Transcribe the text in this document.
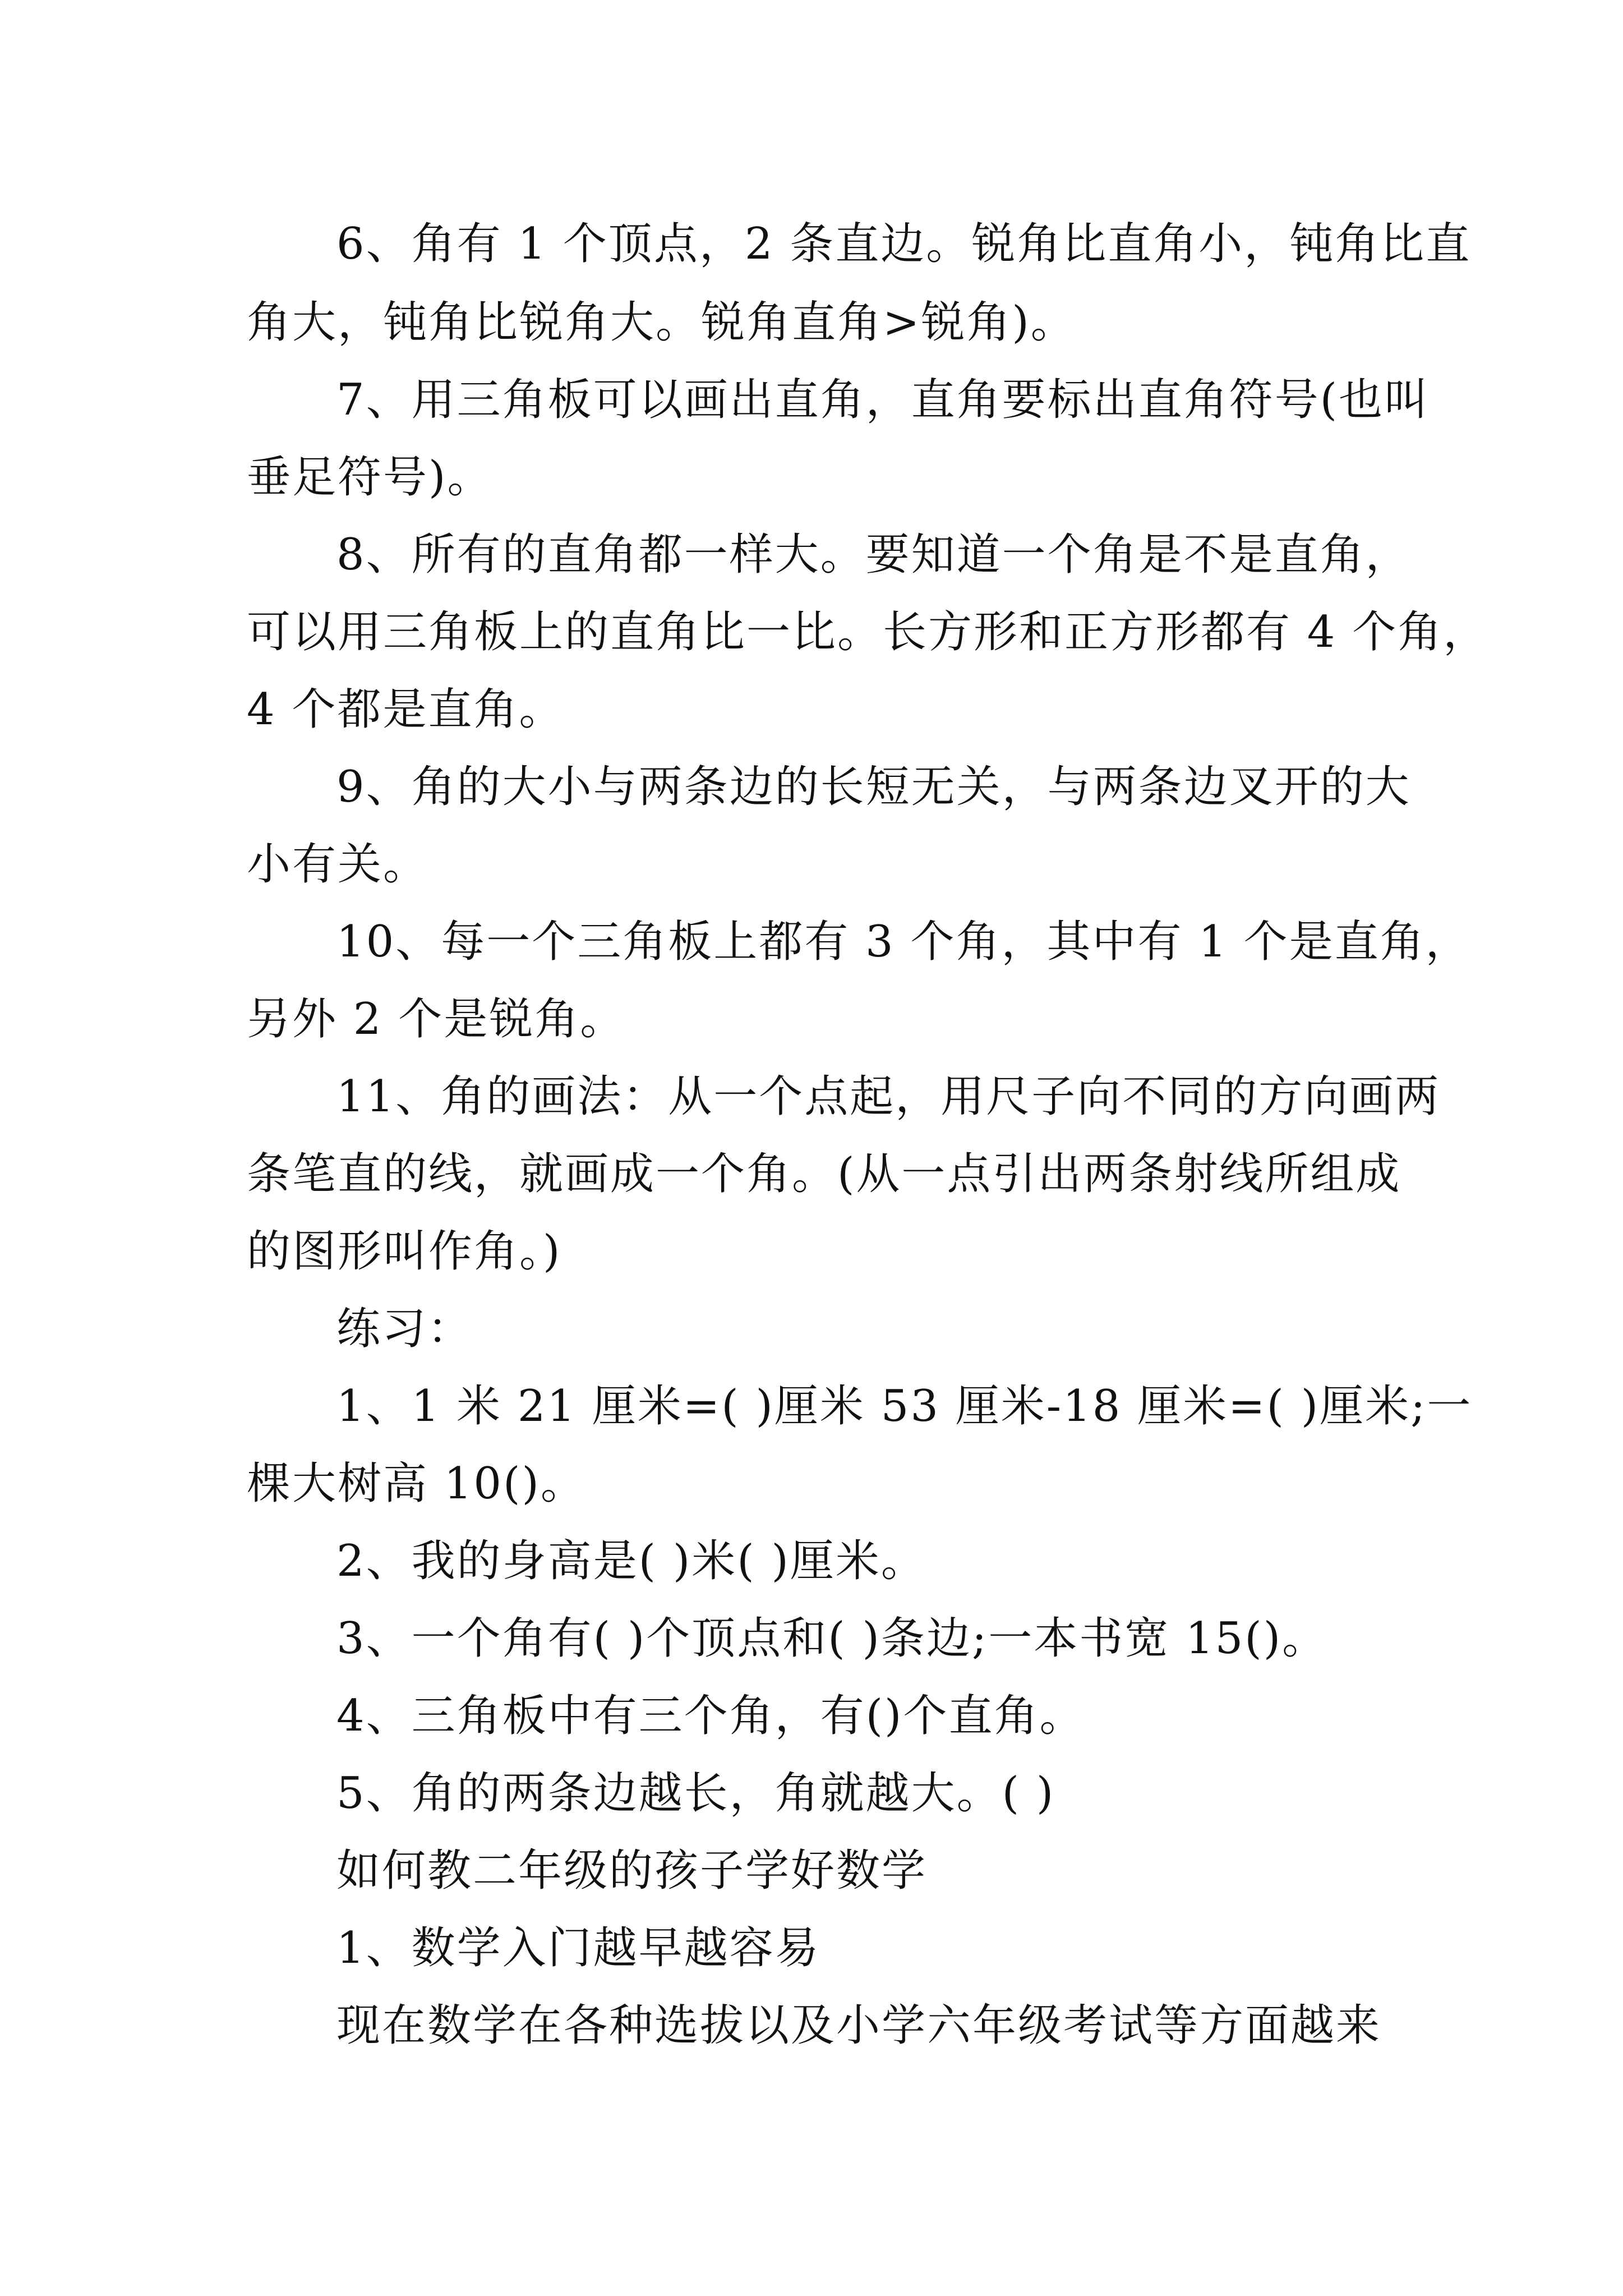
6、角有 1 个顶点，2 条直边。锐角比直角小，钝角比直
角大，钝角比锐角大。锐角直角>锐角)。
7、用三角板可以画出直角，直角要标出直角符号(也叫
垂足符号)。
8、所有的直角都一样大。要知道一个角是不是直角，
可以用三角板上的直角比一比。长方形和正方形都有 4 个角，
4 个都是直角。
9、角的大小与两条边的长短无关，与两条边叉开的大
小有关。
10、每一个三角板上都有 3 个角，其中有 1 个是直角，
另外 2 个是锐角。
11、角的画法：从一个点起，用尺子向不同的方向画两
条笔直的线，就画成一个角。(从一点引出两条射线所组成
的图形叫作角。)
练习：
1、1 米 21 厘米=( )厘米 53 厘米-18 厘米=( )厘米;一
棵大树高 10()。
2、我的身高是( )米( )厘米。
3、一个角有( )个顶点和( )条边;一本书宽 15()。
4、三角板中有三个角，有()个直角。
5、角的两条边越长，角就越大。( )
如何教二年级的孩子学好数学
1、数学入门越早越容易
现在数学在各种选拔以及小学六年级考试等方面越来
